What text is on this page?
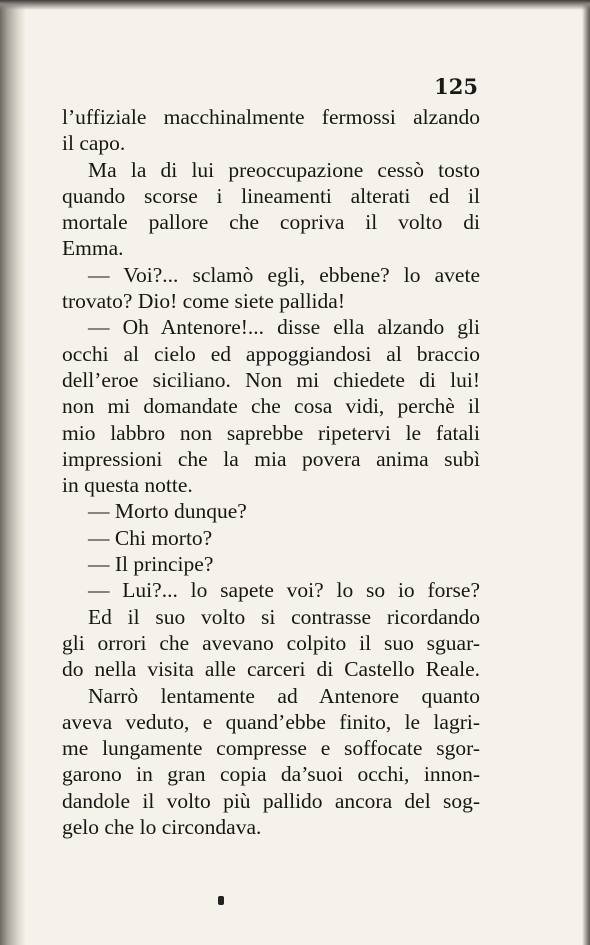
125
l’uffiziale macchinalmente fermossi alzando
il capo.
Ma la di lui preoccupazione cessò tosto
quando scorse i lineamenti alterati ed il
mortale pallore che copriva il volto di
Emma.
— Voi?... sclamò egli, ebbene? lo avete
trovato? Dio! come siete pallida!
— Oh Antenore!... disse ella alzando gli
occhi al cielo ed appoggiandosi al braccio
dell’eroe siciliano. Non mi chiedete di lui!
non mi domandate che cosa vidi, perchè il
mio labbro non saprebbe ripetervi le fatali
impressioni che la mia povera anima subì
in questa notte.
— Morto dunque?
— Chi morto?
— Il principe?
— Lui?... lo sapete voi? lo so io forse?
Ed il suo volto si contrasse ricordando
gli orrori che avevano colpito il suo sguar-
do nella visita alle carceri di Castello Reale.
Narrò lentamente ad Antenore quanto
aveva veduto, e quand’ebbe finito, le lagri-
me lungamente compresse e soffocate sgor-
garono in gran copia da’suoi occhi, innon-
dandole il volto più pallido ancora del sog-
gelo che lo circondava.
